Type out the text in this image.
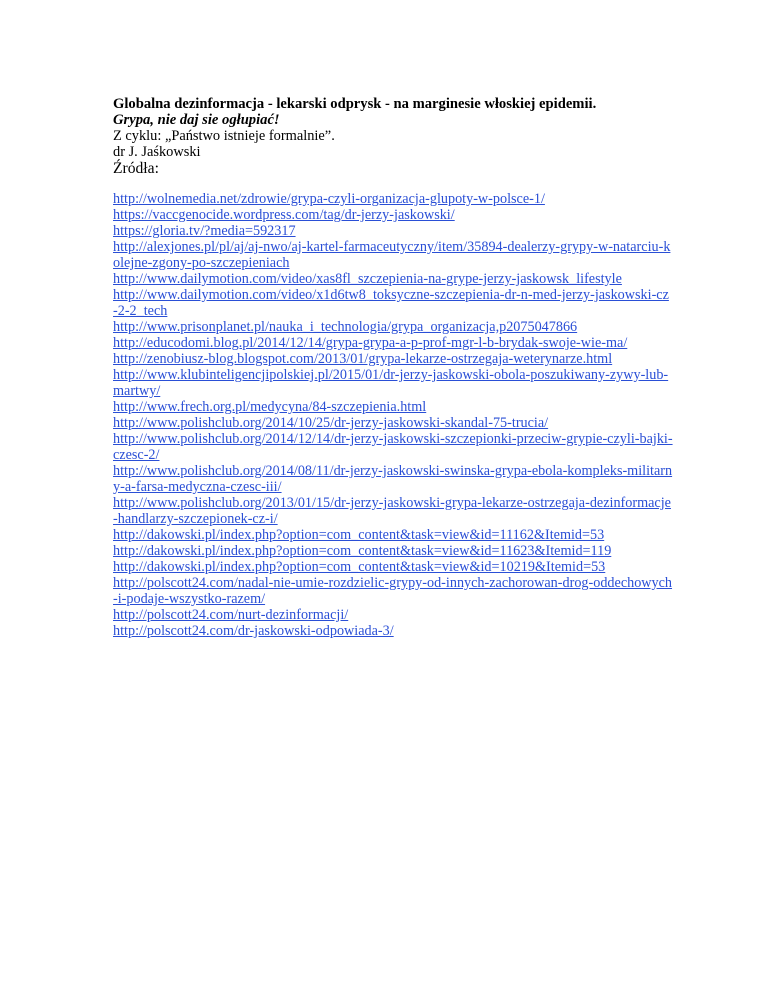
Globalna dezinformacja - lekarski odprysk - na marginesie włoskiej epidemii.

Grypa, nie daj sie ogłupiać!

Z cyklu: „Państwo istnieje formalnie”.

dr J. Jaśkowski

Źródła:

http://wolnemedia.net/zdrowie/grypa-czyli-organizacja-glupoty-w-polsce-1/
https://vaccgenocide.wordpress.com/tag/dr-jerzy-jaskowski/
https://gloria.tv/?media=592317
http://alexjones.pl/pl/aj/aj-nwo/aj-kartel-farmaceutyczny/item/35894-dealerzy-grypy-w-natarciu-kolejne-zgony-po-szczepieniach
http://www.dailymotion.com/video/xas8fl_szczepienia-na-grype-jerzy-jaskowsk_lifestyle
http://www.dailymotion.com/video/x1d6tw8_toksyczne-szczepienia-dr-n-med-jerzy-jaskowski-cz-2-2_tech
http://www.prisonplanet.pl/nauka_i_technologia/grypa_organizacja,p2075047866
http://educodomi.blog.pl/2014/12/14/grypa-grypa-a-p-prof-mgr-l-b-brydak-swoje-wie-ma/
http://zenobiusz-blog.blogspot.com/2013/01/grypa-lekarze-ostrzegaja-weterynarze.html
http://www.klubinteligencjipolskiej.pl/2015/01/dr-jerzy-jaskowski-obola-poszukiwany-zywy-lub-martwy/
http://www.frech.org.pl/medycyna/84-szczepienia.html
http://www.polishclub.org/2014/10/25/dr-jerzy-jaskowski-skandal-75-trucia/
http://www.polishclub.org/2014/12/14/dr-jerzy-jaskowski-szczepionki-przeciw-grypie-czyli-bajki-czesc-2/
http://www.polishclub.org/2014/08/11/dr-jerzy-jaskowski-swinska-grypa-ebola-kompleks-militarny-a-farsa-medyczna-czesc-iii/
http://www.polishclub.org/2013/01/15/dr-jerzy-jaskowski-grypa-lekarze-ostrzegaja-dezinformacje-handlarzy-szczepionek-cz-i/
http://dakowski.pl/index.php?option=com_content&task=view&id=11162&Itemid=53
http://dakowski.pl/index.php?option=com_content&task=view&id=11623&Itemid=119
http://dakowski.pl/index.php?option=com_content&task=view&id=10219&Itemid=53
http://polscott24.com/nadal-nie-umie-rozdzielic-grypy-od-innych-zachorowan-drog-oddechowych-i-podaje-wszystko-razem/
http://polscott24.com/nurt-dezinformacji/
http://polscott24.com/dr-jaskowski-odpowiada-3/
